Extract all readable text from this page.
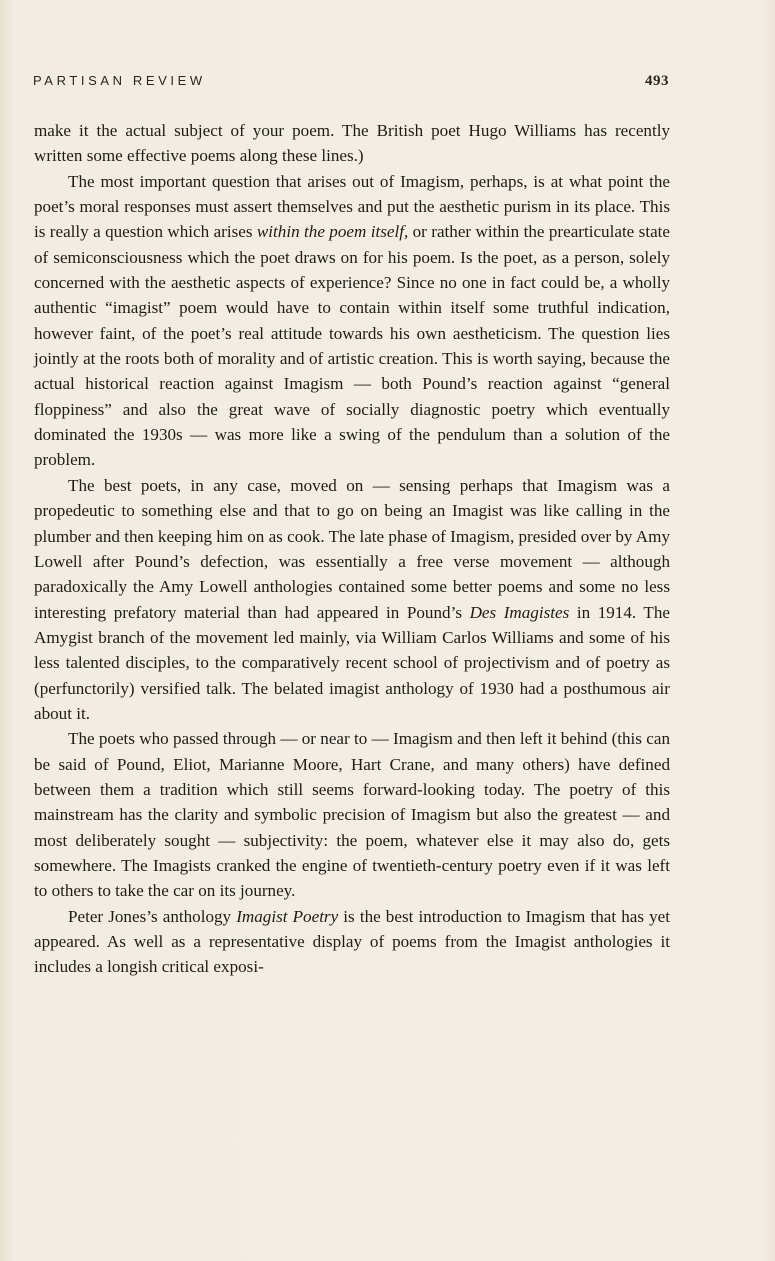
PARTISAN REVIEW	493

make it the actual subject of your poem. The British poet Hugo Williams has recently written some effective poems along these lines.)

The most important question that arises out of Imagism, perhaps, is at what point the poet’s moral responses must assert themselves and put the aesthetic purism in its place. This is really a question which arises within the poem itself, or rather within the prearticulate state of semiconsciousness which the poet draws on for his poem. Is the poet, as a person, solely concerned with the aesthetic aspects of experience? Since no one in fact could be, a wholly authentic “imagist” poem would have to contain within itself some truthful indication, however faint, of the poet’s real attitude towards his own aestheticism. The question lies jointly at the roots both of morality and of artistic creation. This is worth saying, because the actual historical reaction against Imagism — both Pound’s reaction against “general floppiness” and also the great wave of socially diagnostic poetry which eventually dominated the 1930s — was more like a swing of the pendulum than a solution of the problem.

The best poets, in any case, moved on — sensing perhaps that Imagism was a propedeutic to something else and that to go on being an Imagist was like calling in the plumber and then keeping him on as cook. The late phase of Imagism, presided over by Amy Lowell after Pound’s defection, was essentially a free verse movement — although paradoxically the Amy Lowell anthologies contained some better poems and some no less interesting prefatory material than had appeared in Pound’s Des Imagistes in 1914. The Amygist branch of the movement led mainly, via William Carlos Williams and some of his less talented disciples, to the comparatively recent school of projectivism and of poetry as (perfunctorily) versified talk. The belated imagist anthology of 1930 had a posthumous air about it.

The poets who passed through — or near to — Imagism and then left it behind (this can be said of Pound, Eliot, Marianne Moore, Hart Crane, and many others) have defined between them a tradition which still seems forward-looking today. The poetry of this mainstream has the clarity and symbolic precision of Imagism but also the greatest — and most deliberately sought — subjectivity: the poem, whatever else it may also do, gets somewhere. The Imagists cranked the engine of twentieth-century poetry even if it was left to others to take the car on its journey.

Peter Jones’s anthology Imagist Poetry is the best introduction to Imagism that has yet appeared. As well as a representative display of poems from the Imagist anthologies it includes a longish critical exposi-
